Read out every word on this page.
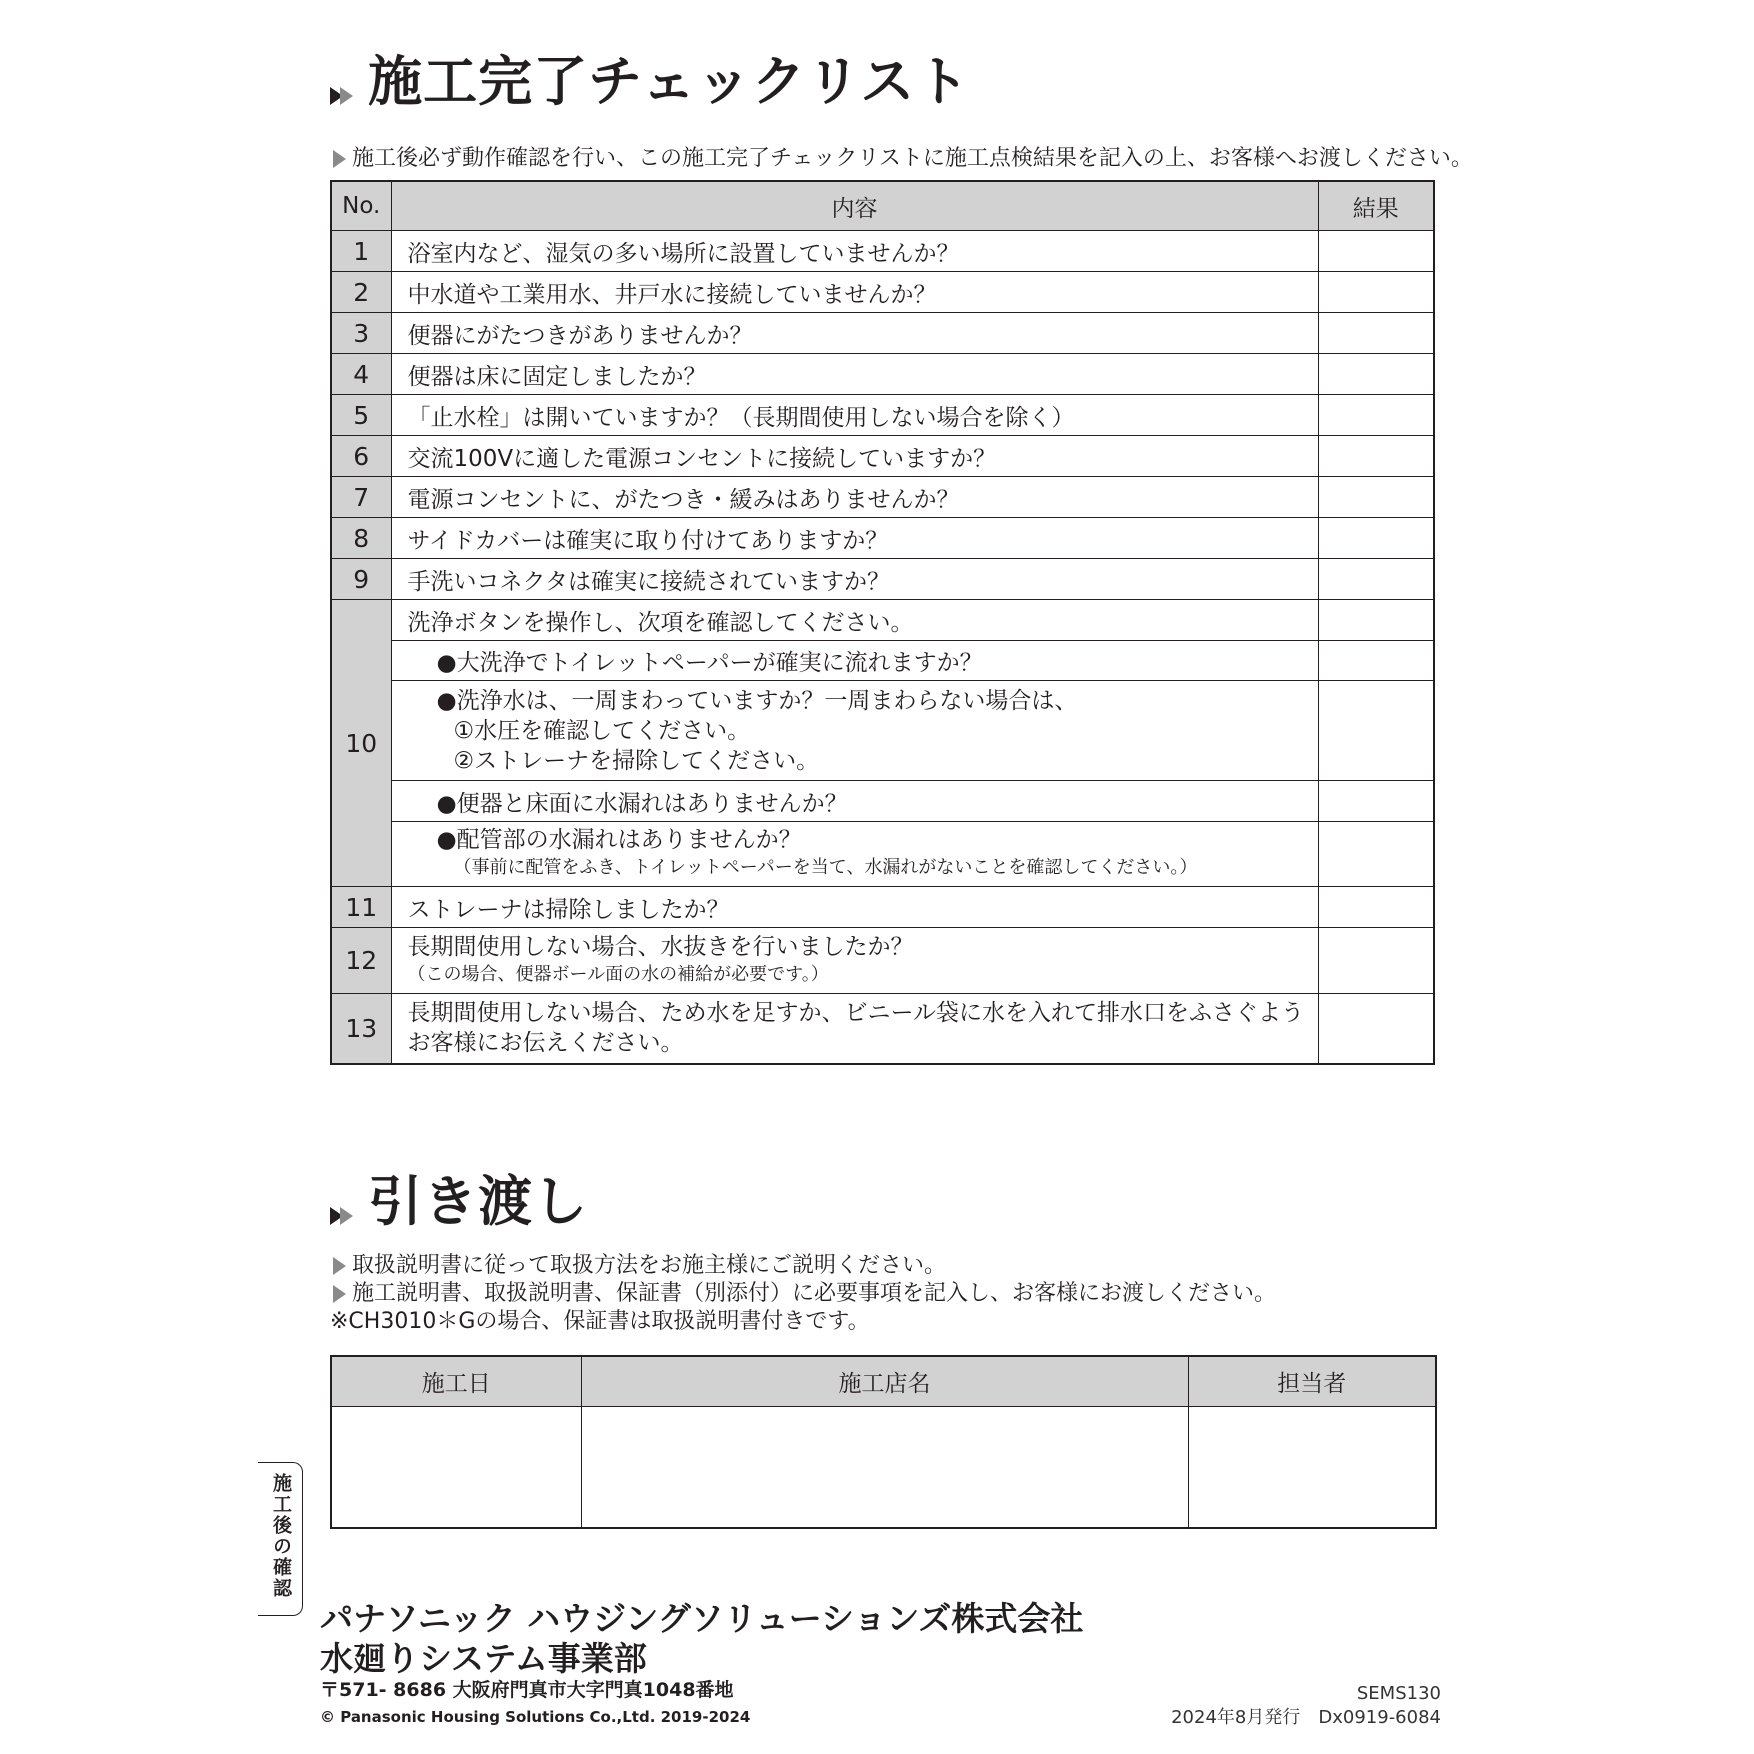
施工完了チェックリスト
施工後必ず動作確認を行い、この施工完了チェックリストに施工点検結果を記入の上、お客様へお渡しください。
No.	内容	結果
1	浴室内など、湿気の多い場所に設置していませんか？	
2	中水道や工業用水、井戸水に接続していませんか？	
3	便器にがたつきがありませんか？	
4	便器は床に固定しましたか？	
5	「止水栓」は開いていますか？（長期間使用しない場合を除く）	
6	交流100Vに適した電源コンセントに接続していますか？	
7	電源コンセントに、がたつき・緩みはありませんか？	
8	サイドカバーは確実に取り付けてありますか？	
9	手洗いコネクタは確実に接続されていますか？	
10	洗浄ボタンを操作し、次項を確認してください。	
	●大洗浄でトイレットペーパーが確実に流れますか？	

	●洗浄水は、一周まわっていますか？一周まわらない場合は、
①水圧を確認してください。
②ストレーナを掃除してください。	

	●便器と床面に水漏れはありませんか？	

	●配管部の水漏れはありませんか？
（事前に配管をふき、トイレットペーパーを当て、水漏れがないことを確認してください。）	

11	ストレーナは掃除しましたか？	
12	長期間使用しない場合、水抜きを行いましたか？
（この場合、便器ボール面の水の補給が必要です。）	

13	長期間使用しない場合、ため水を足すか、ビニール袋に水を入れて排水口をふさぐよう
お客様にお伝えください。	

引き渡し
取扱説明書に従って取扱方法をお施主様にご説明ください。
施工説明書、取扱説明書、保証書（別添付）に必要事項を記入し、お客様にお渡しください。
※CH3010＊Gの場合、保証書は取扱説明書付きです。
施工日	施工店名	担当者

施工後の確認
パナソニック ハウジングソリューションズ株式会社
水廻りシステム事業部
〒571- 8686 大阪府門真市大字門真1048番地
© Panasonic Housing Solutions Co.,Ltd. 2019-2024
SEMS130
2024年8月発行　Dx0919-6084
